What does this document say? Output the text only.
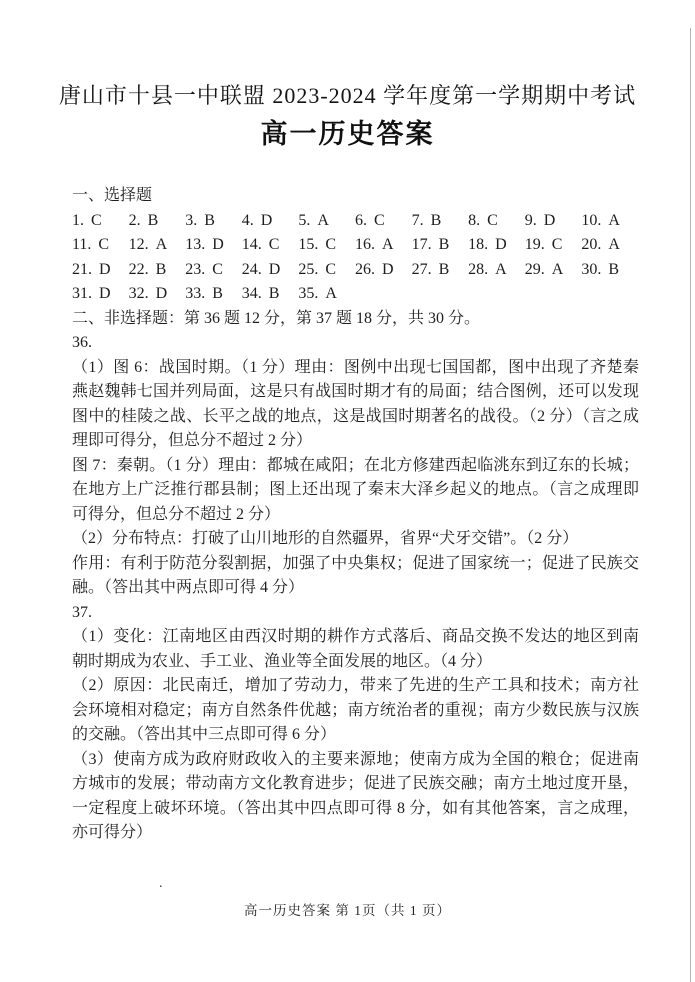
唐山市十县一中联盟 2023-2024 学年度第一学期期中考试
高一历史答案

一、选择题

1. C	2. B	3. B	4. D	5. A	6. C	7. B	8. C	9. D	10. A
11. C	12. A	13. D	14. C	15. C	16. A	17. B	18. D	19. C	20. A
21. D	22. B	23. C	24. D	25. C	26. D	27. B	28. A	29. A	30. B
31. D	32. D	33. B	34. B	35. A

二、非选择题：第 36 题 12 分，第 37 题 18 分，共 30 分。

36.

（1）图 6：战国时期。（1 分）理由：图例中出现七国国都，图中出现了齐楚秦燕赵魏韩七国并列局面，这是只有战国时期才有的局面；结合图例，还可以发现图中的桂陵之战、长平之战的地点，这是战国时期著名的战役。（2 分）（言之成理即可得分，但总分不超过 2 分）

图 7：秦朝。（1 分）理由：都城在咸阳；在北方修建西起临洮东到辽东的长城；在地方上广泛推行郡县制；图上还出现了秦末大泽乡起义的地点。（言之成理即可得分，但总分不超过 2 分）

（2）分布特点：打破了山川地形的自然疆界，省界“犬牙交错”。（2 分）

作用：有利于防范分裂割据，加强了中央集权；促进了国家统一；促进了民族交融。（答出其中两点即可得 4 分）

37.

（1）变化：江南地区由西汉时期的耕作方式落后、商品交换不发达的地区到南朝时期成为农业、手工业、渔业等全面发展的地区。（4 分）

（2）原因：北民南迁，增加了劳动力，带来了先进的生产工具和技术；南方社会环境相对稳定；南方自然条件优越；南方统治者的重视；南方少数民族与汉族的交融。（答出其中三点即可得 6 分）

（3）使南方成为政府财政收入的主要来源地；使南方成为全国的粮仓；促进南方城市的发展；带动南方文化教育进步；促进了民族交融；南方土地过度开垦，一定程度上破坏环境。（答出其中四点即可得 8 分，如有其他答案，言之成理，亦可得分）

.
高一历史答案 第 1页（共 1 页）
